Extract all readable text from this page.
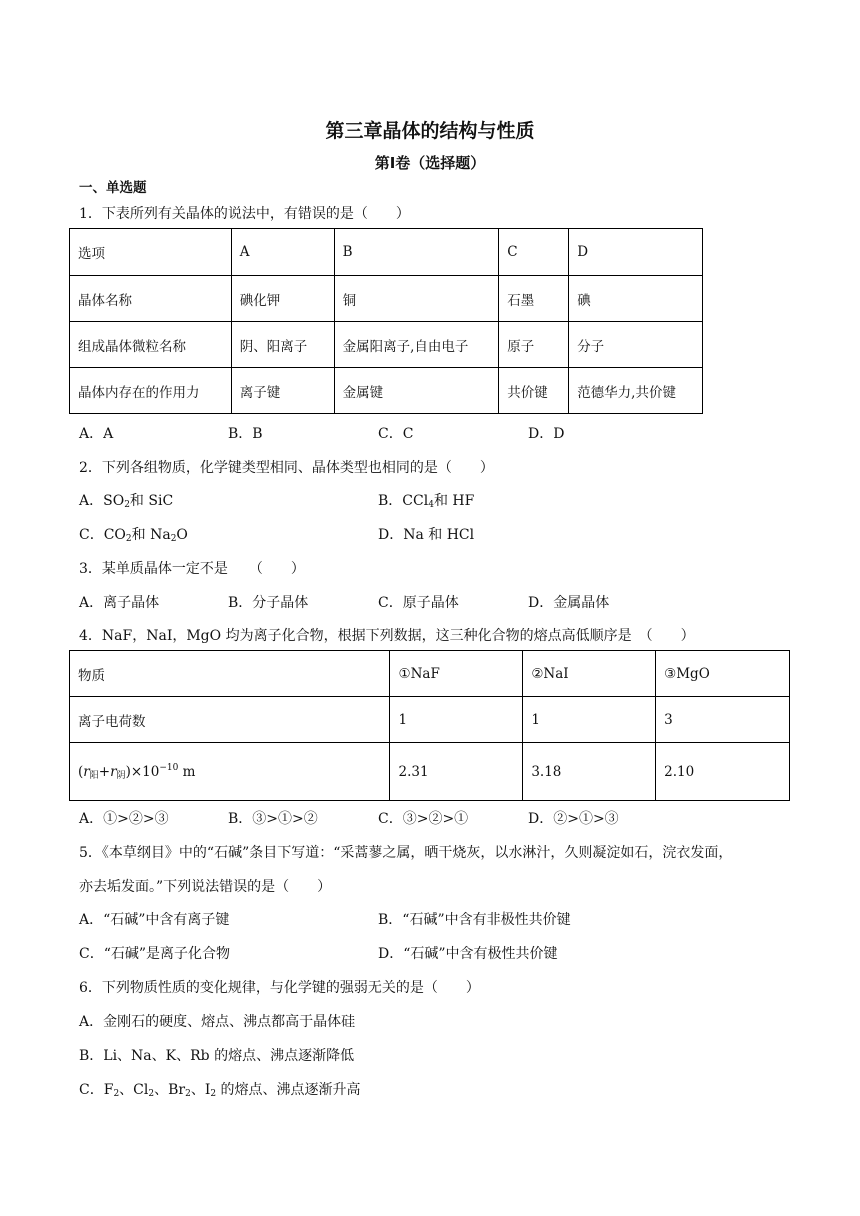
第三章晶体的结构与性质
第I卷（选择题）
一、单选题
1．下表所列有关晶体的说法中，有错误的是（　　）
选项	A	B	C	D
晶体名称	碘化钾	铜	石墨	碘
组成晶体微粒名称	阴、阳离子	金属阳离子,自由电子	原子	分子
晶体内存在的作用力	离子键	金属键	共价键	范德华力,共价键
A．A	B．B	C．C	D．D
2．下列各组物质，化学键类型相同、晶体类型也相同的是（　　）
A．$SO_2$和 SiC	B．CCl$_4$和 HF
C．$CO_2$和 $Na_2O$	D．Na 和 HCl
3．某单质晶体一定不是　　（　　）
A．离子晶体	B．分子晶体	C．原子晶体	D．金属晶体
4．NaF，NaI，MgO 均为离子化合物，根据下列数据，这三种化合物的熔点高低顺序是　（　　）
物质	①NaF	②NaI	③MgO
离子电荷数	1	1	3
$(r_阳+r_阴)\times 10^{-10}$ m	2.31	3.18	2.10
A．①>②>③	B．③>①>②	C．③>②>①	D．②>①>③
5．《本草纲目》中的“石碱”条目下写道：“采蒿蓼之属，晒干烧灰，以水淋汁，久则凝淀如石，浣衣发面，
亦去垢发面。”下列说法错误的是（　　）
A．“石碱”中含有离子键	B．“石碱”中含有非极性共价键
C．“石碱”是离子化合物	D．“石碱”中含有极性共价键
6．下列物质性质的变化规律，与化学键的强弱无关的是（　　）
A．金刚石的硬度、熔点、沸点都高于晶体硅
B．Li、Na、K、Rb 的熔点、沸点逐渐降低
C．$F_2$、$Cl_2$、$Br_2$、$I_2$ 的熔点、沸点逐渐升高
